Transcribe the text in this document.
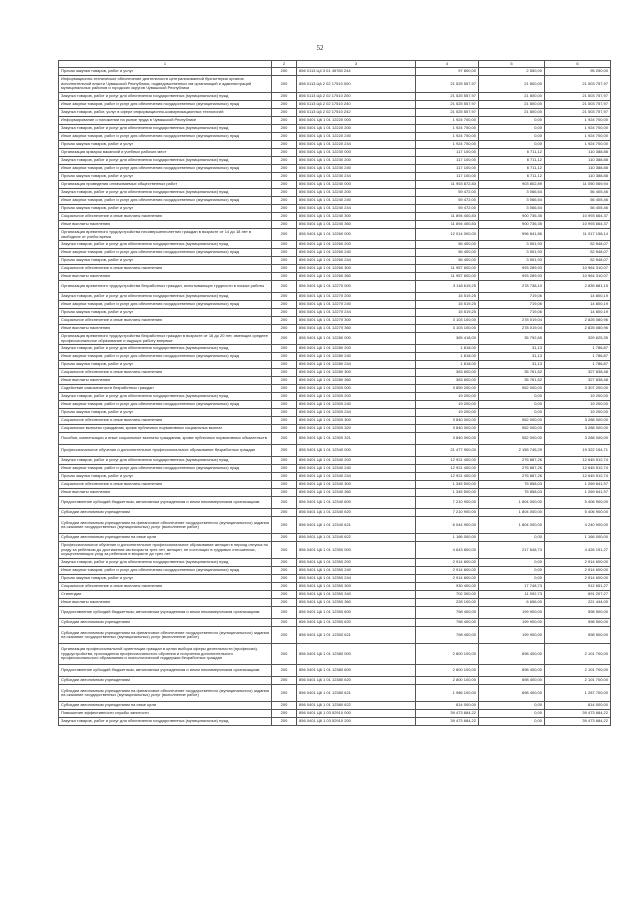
52
1	2	3	4	5	6
Прочая закупка товаров, работ и услуг	200	856 0113 Ц4 3 01 45780 244	97 800,00	2 550,00	95 250,00
Информационно-техническое обеспечение деятельности централизованной бухгалтерии органов исполнительной власти Чувашской Республики, подведомственных им организаций и администраций муниципальных районов и городских округов Чувашской Республики	200	856 0113 Ц6 2 02 17510 000	21 525 557,97	21 800,00	21 503 757,97
Закупка товаров, работ и услуг для обеспечения государственных (муниципальных) нужд	200	856 0113 Ц6 2 02 17510 200	21 525 557,97	21 800,00	21 503 757,97
Иные закупки товаров, работ и услуг для обеспечения государственных (муниципальных) нужд	200	856 0113 Ц6 2 02 17510 240	21 525 557,97	21 800,00	21 503 757,97
Закупка товаров, работ, услуг в сфере информационно-коммуникационных технологий	200	856 0113 Ц6 2 02 17510 242	21 525 557,97	21 800,00	21 503 757,97
Информирование о положении на рынке труда в Чувашской Республике	200	856 0401 Ц6 1 01 12220 000	1 924 700,00	0,00	1 924 700,00
Закупка товаров, работ и услуг для обеспечения государственных (муниципальных) нужд	200	856 0401 Ц6 1 01 12220 200	1 924 700,00	0,00	1 924 700,00
Иные закупки товаров, работ и услуг для обеспечения государственных (муниципальных) нужд	200	856 0401 Ц6 1 01 12220 240	1 924 700,00	0,00	1 924 700,00
Прочая закупка товаров, работ и услуг	200	856 0401 Ц6 1 01 12220 244	1 924 700,00	0,00	1 924 700,00
Организация ярмарок вакансий и учебных рабочих мест	200	856 0401 Ц6 1 01 12230 000	117 100,00	6 711,12	110 388,88
Закупка товаров, работ и услуг для обеспечения государственных (муниципальных) нужд	200	856 0401 Ц6 1 01 12230 200	117 100,00	6 711,12	110 388,88
Иные закупки товаров, работ и услуг для обеспечения государственных (муниципальных) нужд	200	856 0401 Ц6 1 01 12230 240	117 100,00	6 711,12	110 388,88
Прочая закупка товаров, работ и услуг	200	856 0401 Ц6 1 01 12230 244	117 100,00	6 711,12	110 388,88
Организация проведения оплачиваемых общественных работ	200	856 0401 Ц6 1 01 12240 000	11 953 872,83	903 802,89	11 050 069,94
Закупка товаров, работ и услуг для обеспечения государственных (муниципальных) нужд	200	856 0401 Ц6 1 01 12240 200	59 472,00	3 066,54	56 405,46
Иные закупки товаров, работ и услуг для обеспечения государственных (муниципальных) нужд	200	856 0401 Ц6 1 01 12240 240	59 472,00	3 066,54	56 405,46
Прочая закупка товаров, работ и услуг	200	856 0401 Ц6 1 01 12240 244	59 472,00	3 066,54	56 405,46
Социальное обеспечение и иные выплаты населению	200	856 0401 Ц6 1 01 12240 300	11 894 400,83	900 736,35	10 993 664,37
Иные выплаты населению	200	856 0401 Ц6 1 01 12240 360	11 894 400,83	900 736,35	10 993 664,37
Организация временного трудоустройства несовершеннолетних граждан в возрасте от 14 до 18 лет в свободное от учебы время	200	856 0401 Ц6 1 01 12260 000	12 014 000,00	996 841,86	11 017 158,14
Закупка товаров, работ и услуг для обеспечения государственных (муниципальных) нужд	200	856 0401 Ц6 1 01 12260 200	56 400,00	3 551,93	52 848,07
Иные закупки товаров, работ и услуг для обеспечения государственных (муниципальных) нужд	200	856 0401 Ц6 1 01 12260 240	56 400,00	3 551,93	52 848,07
Прочая закупка товаров, работ и услуг	200	856 0401 Ц6 1 01 12260 244	56 400,00	3 551,93	52 848,07
Социальное обеспечение и иные выплаты населению	200	856 0401 Ц6 1 01 12260 300	11 957 600,00	993 289,93	10 964 310,07
Иные выплаты населению	200	856 0401 Ц6 1 01 12260 360	11 957 600,00	993 289,93	10 964 310,07
Организация временного трудоустройства безработных граждан, испытывающих трудности в поиске работы	200	856 0401 Ц6 1 01 12270 000	3 118 619,25	278 738,10	2 839 881,15
Закупка товаров, работ и услуг для обеспечения государственных (муниципальных) нужд	200	856 0401 Ц6 1 01 12270 200	15 519,25	719,06	14 800,19
Иные закупки товаров, работ и услуг для обеспечения государственных (муниципальных) нужд	200	856 0401 Ц6 1 01 12270 240	15 519,25	719,06	14 800,19
Прочая закупка товаров, работ и услуг	200	856 0401 Ц6 1 01 12270 244	15 519,25	719,06	14 800,19
Социальное обеспечение и иные выплаты населению	200	856 0401 Ц6 1 01 12270 300	3 103 100,00	278 019,04	2 825 080,96
Иные выплаты населению	200	856 0401 Ц6 1 01 12270 360	3 103 100,00	278 019,04	2 825 080,96
Организация временного трудоустройства безработных граждан в возрасте от 18 до 20 лет, имеющих среднее профессиональное образование и ищущих работу впервые	200	856 0401 Ц6 1 01 12280 000	365 418,00	35 792,65	329 625,35
Закупка товаров, работ и услуг для обеспечения государственных (муниципальных) нужд	200	856 0401 Ц6 1 01 12280 200	1 818,00	31,13	1 786,87
Иные закупки товаров, работ и услуг для обеспечения государственных (муниципальных) нужд	200	856 0401 Ц6 1 01 12280 240	1 818,00	31,13	1 786,87
Прочая закупка товаров, работ и услуг	200	856 0401 Ц6 1 01 12280 244	1 818,00	31,13	1 786,87
Социальное обеспечение и иные выплаты населению	200	856 0401 Ц6 1 01 12280 300	363 600,00	35 761,52	327 838,48
Иные выплаты населению	200	856 0401 Ц6 1 01 12280 360	363 600,00	35 761,52	327 838,48
Содействие самозанятости безработных граждан	200	856 0401 Ц6 1 01 12300 000	3 859 200,00	552 000,00	3 307 200,00
Закупка товаров, работ и услуг для обеспечения государственных (муниципальных) нужд	200	856 0401 Ц6 1 01 12300 200	19 200,00	0,00	19 200,00
Иные закупки товаров, работ и услуг для обеспечения государственных (муниципальных) нужд	200	856 0401 Ц6 1 01 12300 240	19 200,00	0,00	19 200,00
Прочая закупка товаров, работ и услуг	200	856 0401 Ц6 1 01 12300 244	19 200,00	0,00	19 200,00
Социальное обеспечение и иные выплаты населению	200	856 0401 Ц6 1 01 12300 300	3 840 000,00	552 000,00	3 288 000,00
Социальные выплаты гражданам, кроме публичных нормативных социальных выплат	200	856 0401 Ц6 1 01 12300 320	3 840 000,00	552 000,00	3 288 000,00
Пособия, компенсации и иные социальные выплаты гражданам, кроме публичных нормативных обязательств	200	856 0401 Ц6 1 01 12300 321	3 840 000,00	552 000,00	3 288 000,00
Профессиональное обучение и дополнительное профессиональное образование безработных граждан	200	856 0401 Ц6 1 01 12340 000	21 477 900,00	2 155 745,29	19 322 154,71
Закупка товаров, работ и услуг для обеспечения государственных (муниципальных) нужд	200	856 0401 Ц6 1 01 12340 200	12 921 400,00	275 887,26	12 645 512,74
Иные закупки товаров, работ и услуг для обеспечения государственных (муниципальных) нужд	200	856 0401 Ц6 1 01 12340 240	12 921 400,00	275 887,26	12 645 512,74
Прочая закупка товаров, работ и услуг	200	856 0401 Ц6 1 01 12340 244	12 921 400,00	275 887,26	12 645 512,74
Социальное обеспечение и иные выплаты населению	200	856 0401 Ц6 1 01 12340 300	1 345 500,00	75 858,03	1 269 641,97
Иные выплаты населению	200	856 0401 Ц6 1 01 12340 360	1 345 500,00	75 858,03	1 269 641,97
Предоставление субсидий бюджетным, автономным учреждениям и иным некоммерческим организациям	200	856 0401 Ц6 1 01 12340 600	7 210 900,00	1 804 000,00	5 406 900,00
Субсидии автономным учреждениям	200	856 0401 Ц6 1 01 12340 620	7 210 900,00	1 804 000,00	5 406 900,00
Субсидии автономным учреждениям на финансовое обеспечение государственного (муниципального) задания на оказание государственных (муниципальных) услуг (выполнение работ)	200	856 0401 Ц6 1 01 12340 621	6 044 900,00	1 804 000,00	4 240 900,00
Субсидии автономным учреждениям на иные цели	200	856 0401 Ц6 1 01 12340 622	1 166 000,00	0,00	1 166 000,00
Профессиональное обучение и дополнительное профессиональное образование женщин в период отпуска по уходу за ребенком до достижения им возраста трех лет, женщин, не состоящих в трудовых отношениях, осуществляющих уход за ребенком в возрасте до трех лет	200	856 0401 Ц6 1 01 12350 000	4 643 800,00	217 648,73	4 426 151,27
Закупка товаров, работ и услуг для обеспечения государственных (муниципальных) нужд	200	856 0401 Ц6 1 01 12350 200	2 914 600,00	0,00	2 914 600,00
Иные закупки товаров, работ и услуг для обеспечения государственных (муниципальных) нужд	200	856 0401 Ц6 1 01 12350 240	2 914 600,00	0,00	2 914 600,00
Прочая закупка товаров, работ и услуг	200	856 0401 Ц6 1 01 12350 244	2 914 600,00	0,00	2 914 600,00
Социальное обеспечение и иные выплаты населению	200	856 0401 Ц6 1 01 12350 300	930 400,00	17 748,73	912 651,27
Стипендии	200	856 0401 Ц6 1 01 12350 340	702 300,00	11 092,73	691 207,27
Иные выплаты населению	200	856 0401 Ц6 1 01 12350 360	228 100,00	6 656,00	221 444,00
Предоставление субсидий бюджетным, автономным учреждениям и иным некоммерческим организациям	200	856 0401 Ц6 1 01 12350 600	798 400,00	199 900,00	598 500,00
Субсидии автономным учреждениям	200	856 0401 Ц6 1 01 12350 620	798 400,00	199 900,00	598 500,00
Субсидии автономным учреждениям на финансовое обеспечение государственного (муниципального) задания на оказание государственных (муниципальных) услуг (выполнение работ)	200	856 0401 Ц6 1 01 12350 621	798 400,00	199 900,00	598 500,00
Организация профессиональной ориентации граждан в целях выбора сферы деятельности (профессии), трудоустройства, прохождения профессионального обучения и получения дополнительного профессионального образования и психологической поддержки безработных граждан	200	856 0401 Ц6 1 01 12380 000	2 800 100,00	698 400,00	2 101 700,00
Предоставление субсидий бюджетным, автономным учреждениям и иным некоммерческим организациям	200	856 0401 Ц6 1 01 12380 600	2 800 100,00	698 400,00	2 101 700,00
Субсидии автономным учреждениям	200	856 0401 Ц6 1 01 12380 620	2 800 100,00	698 400,00	2 101 700,00
Субсидии автономным учреждениям на финансовое обеспечение государственного (муниципального) задания на оказание государственных (муниципальных) услуг (выполнение работ)	200	856 0401 Ц6 1 01 12380 621	1 986 100,00	698 400,00	1 287 700,00
Субсидии автономным учреждениям на иные цели	200	856 0401 Ц6 1 01 12380 622	814 000,00	0,00	814 000,00
Повышение эффективности службы занятости	200	856 0401 Ц6 1 03 52910 000	39 473 684,22	0,00	39 473 684,22
Закупка товаров, работ и услуг для обеспечения государственных (муниципальных) нужд	200	856 0401 Ц6 1 03 52910 200	39 473 684,22	0,00	39 473 684,22
